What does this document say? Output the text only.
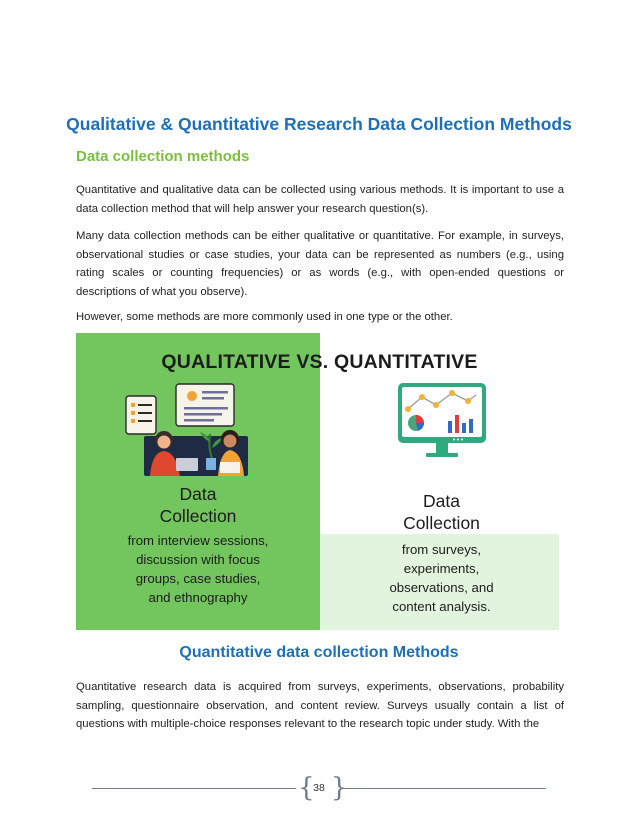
Qualitative & Quantitative Research Data Collection Methods
Data collection methods

Quantitative and qualitative data can be collected using various methods. It is important to use a data collection method that will help answer your research question(s).

Many data collection methods can be either qualitative or quantitative. For example, in surveys, observational studies or case studies, your data can be represented as numbers (e.g., using rating scales or counting frequencies) or as words (e.g., with open-ended questions or descriptions of what you observe).

However, some methods are more commonly used in one type or the other.

QUALITATIVE VS. QUANTITATIVE
Data
Collection
from interview sessions,
discussion with focus
groups, case studies,
and ethnography
Data
Collection
from surveys,
experiments,
observations, and
content analysis.
Quantitative data collection Methods

Quantitative research data is acquired from surveys, experiments, observations, probability sampling, questionnaire observation, and content review. Surveys usually contain a list of questions with multiple-choice responses relevant to the research topic under study. With the

{ }
38
